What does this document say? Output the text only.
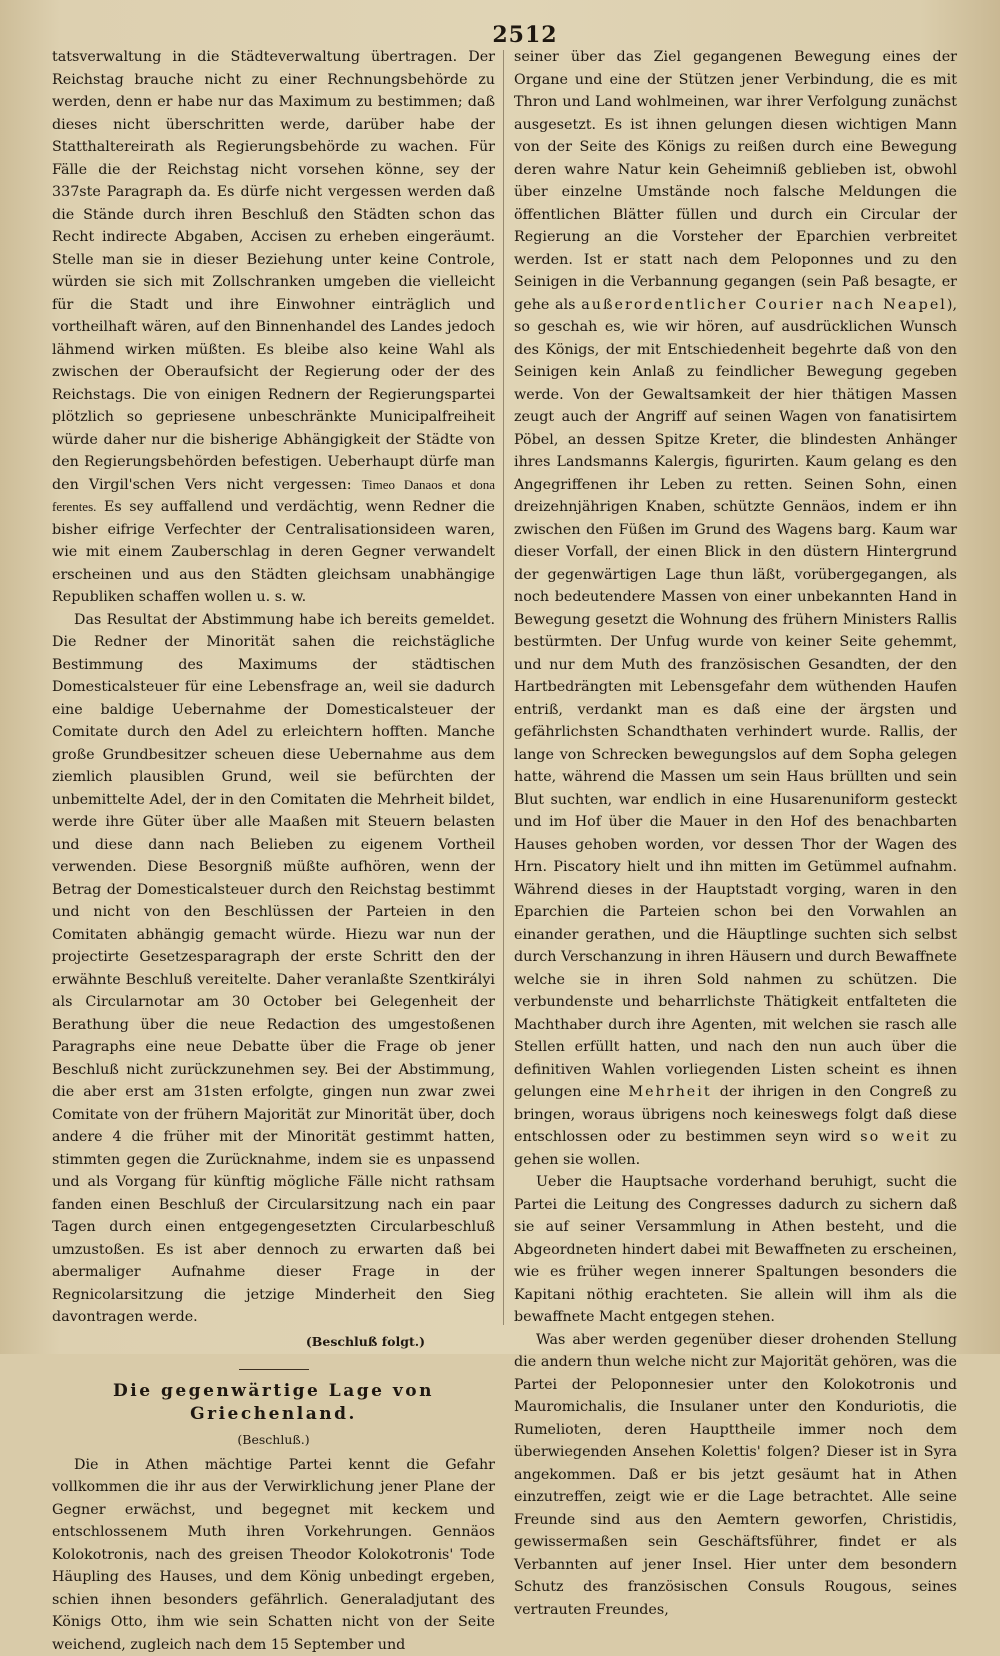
2512

tatsverwaltung in die Städteverwaltung übertragen. Der Reichstag brauche nicht zu einer Rechnungsbehörde zu werden, denn er habe nur das Maximum zu bestimmen; daß dieses nicht überschritten werde, darüber habe der Statthaltereirath als Regierungsbehörde zu wachen. Für Fälle die der Reichstag nicht vorsehen könne, sey der 337ste Paragraph da. Es dürfe nicht vergessen werden daß die Stände durch ihren Beschluß den Städten schon das Recht indirecte Abgaben, Accisen zu erheben eingeräumt. Stelle man sie in dieser Beziehung unter keine Controle, würden sie sich mit Zollschranken umgeben die vielleicht für die Stadt und ihre Einwohner einträglich und vortheilhaft wären, auf den Binnenhandel des Landes jedoch lähmend wirken müßten. Es bleibe also keine Wahl als zwischen der Oberaufsicht der Regierung oder der des Reichstags. Die von einigen Rednern der Regierungspartei plötzlich so gepriesene unbeschränkte Municipalfreiheit würde daher nur die bisherige Abhängigkeit der Städte von den Regierungsbehörden befestigen. Ueberhaupt dürfe man den Virgil'schen Vers nicht vergessen: Timeo Danaos et dona ferentes. Es sey auffallend und verdächtig, wenn Redner die bisher eifrige Verfechter der Centralisationsideen waren, wie mit einem Zauberschlag in deren Gegner verwandelt erscheinen und aus den Städten gleichsam unabhängige Republiken schaffen wollen u. s. w.

Das Resultat der Abstimmung habe ich bereits gemeldet. Die Redner der Minorität sahen die reichstägliche Bestimmung des Maximums der städtischen Domesticalsteuer für eine Lebensfrage an, weil sie dadurch eine baldige Uebernahme der Domesticalsteuer der Comitate durch den Adel zu erleichtern hofften. Manche große Grundbesitzer scheuen diese Uebernahme aus dem ziemlich plausiblen Grund, weil sie befürchten der unbemittelte Adel, der in den Comitaten die Mehrheit bildet, werde ihre Güter über alle Maaßen mit Steuern belasten und diese dann nach Belieben zu eigenem Vortheil verwenden. Diese Besorgniß müßte aufhören, wenn der Betrag der Domesticalsteuer durch den Reichstag bestimmt und nicht von den Beschlüssen der Parteien in den Comitaten abhängig gemacht würde. Hiezu war nun der projectirte Gesetzesparagraph der erste Schritt den der erwähnte Beschluß vereitelte. Daher veranlaßte Szentkirályi als Circularnotar am 30 October bei Gelegenheit der Berathung über die neue Redaction des umgestoßenen Paragraphs eine neue Debatte über die Frage ob jener Beschluß nicht zurückzunehmen sey. Bei der Abstimmung, die aber erst am 31sten erfolgte, gingen nun zwar zwei Comitate von der frühern Majorität zur Minorität über, doch andere 4 die früher mit der Minorität gestimmt hatten, stimmten gegen die Zurücknahme, indem sie es unpassend und als Vorgang für künftig mögliche Fälle nicht rathsam fanden einen Beschluß der Circularsitzung nach ein paar Tagen durch einen entgegengesetzten Circularbeschluß umzustoßen. Es ist aber dennoch zu erwarten daß bei abermaliger Aufnahme dieser Frage in der Regnicolarsitzung die jetzige Minderheit den Sieg davontragen werde.

(Beschluß folgt.)
Die gegenwärtige Lage von Griechenland.
(Beschluß.)

Die in Athen mächtige Partei kennt die Gefahr vollkommen die ihr aus der Verwirklichung jener Plane der Gegner erwächst, und begegnet mit keckem und entschlossenem Muth ihren Vorkehrungen. Gennäos Kolokotronis, nach des greisen Theodor Kolokotronis' Tode Häupling des Hauses, und dem König unbedingt ergeben, schien ihnen besonders gefährlich. Generaladjutant des Königs Otto, ihm wie sein Schatten nicht von der Seite weichend, zugleich nach dem 15 September und

seiner über das Ziel gegangenen Bewegung eines der Organe und eine der Stützen jener Verbindung, die es mit Thron und Land wohlmeinen, war ihrer Verfolgung zunächst ausgesetzt. Es ist ihnen gelungen diesen wichtigen Mann von der Seite des Königs zu reißen durch eine Bewegung deren wahre Natur kein Geheimniß geblieben ist, obwohl über einzelne Umstände noch falsche Meldungen die öffentlichen Blätter füllen und durch ein Circular der Regierung an die Vorsteher der Eparchien verbreitet werden. Ist er statt nach dem Peloponnes und zu den Seinigen in die Verbannung gegangen (sein Paß besagte, er gehe als außerordentlicher Courier nach Neapel), so geschah es, wie wir hören, auf ausdrücklichen Wunsch des Königs, der mit Entschiedenheit begehrte daß von den Seinigen kein Anlaß zu feindlicher Bewegung gegeben werde. Von der Gewaltsamkeit der hier thätigen Massen zeugt auch der Angriff auf seinen Wagen von fanatisirtem Pöbel, an dessen Spitze Kreter, die blindesten Anhänger ihres Landsmanns Kalergis, figurirten. Kaum gelang es den Angegriffenen ihr Leben zu retten. Seinen Sohn, einen dreizehnjährigen Knaben, schützte Gennäos, indem er ihn zwischen den Füßen im Grund des Wagens barg. Kaum war dieser Vorfall, der einen Blick in den düstern Hintergrund der gegenwärtigen Lage thun läßt, vorübergegangen, als noch bedeutendere Massen von einer unbekannten Hand in Bewegung gesetzt die Wohnung des frühern Ministers Rallis bestürmten. Der Unfug wurde von keiner Seite gehemmt, und nur dem Muth des französischen Gesandten, der den Hartbedrängten mit Lebensgefahr dem wüthenden Haufen entriß, verdankt man es daß eine der ärgsten und gefährlichsten Schandthaten verhindert wurde. Rallis, der lange von Schrecken bewegungslos auf dem Sopha gelegen hatte, während die Massen um sein Haus brüllten und sein Blut suchten, war endlich in eine Husarenuniform gesteckt und im Hof über die Mauer in den Hof des benachbarten Hauses gehoben worden, vor dessen Thor der Wagen des Hrn. Piscatory hielt und ihn mitten im Getümmel aufnahm. Während dieses in der Hauptstadt vorging, waren in den Eparchien die Parteien schon bei den Vorwahlen an einander gerathen, und die Häuptlinge suchten sich selbst durch Verschanzung in ihren Häusern und durch Bewaffnete welche sie in ihren Sold nahmen zu schützen. Die verbundenste und beharrlichste Thätigkeit entfalteten die Machthaber durch ihre Agenten, mit welchen sie rasch alle Stellen erfüllt hatten, und nach den nun auch über die definitiven Wahlen vorliegenden Listen scheint es ihnen gelungen eine Mehrheit der ihrigen in den Congreß zu bringen, woraus übrigens noch keineswegs folgt daß diese entschlossen oder zu bestimmen seyn wird so weit zu gehen sie wollen.

Ueber die Hauptsache vorderhand beruhigt, sucht die Partei die Leitung des Congresses dadurch zu sichern daß sie auf seiner Versammlung in Athen besteht, und die Abgeordneten hindert dabei mit Bewaffneten zu erscheinen, wie es früher wegen innerer Spaltungen besonders die Kapitani nöthig erachteten. Sie allein will ihm als die bewaffnete Macht entgegen stehen.

Was aber werden gegenüber dieser drohenden Stellung die andern thun welche nicht zur Majorität gehören, was die Partei der Peloponnesier unter den Kolokotronis und Mauromichalis, die Insulaner unter den Konduriotis, die Rumelioten, deren Haupttheile immer noch dem überwiegenden Ansehen Kolettis' folgen? Dieser ist in Syra angekommen. Daß er bis jetzt gesäumt hat in Athen einzutreffen, zeigt wie er die Lage betrachtet. Alle seine Freunde sind aus den Aemtern geworfen, Christidis, gewissermaßen sein Geschäftsführer, findet er als Verbannten auf jener Insel. Hier unter dem besondern Schutz des französischen Consuls Rougous, seines vertrauten Freundes,
